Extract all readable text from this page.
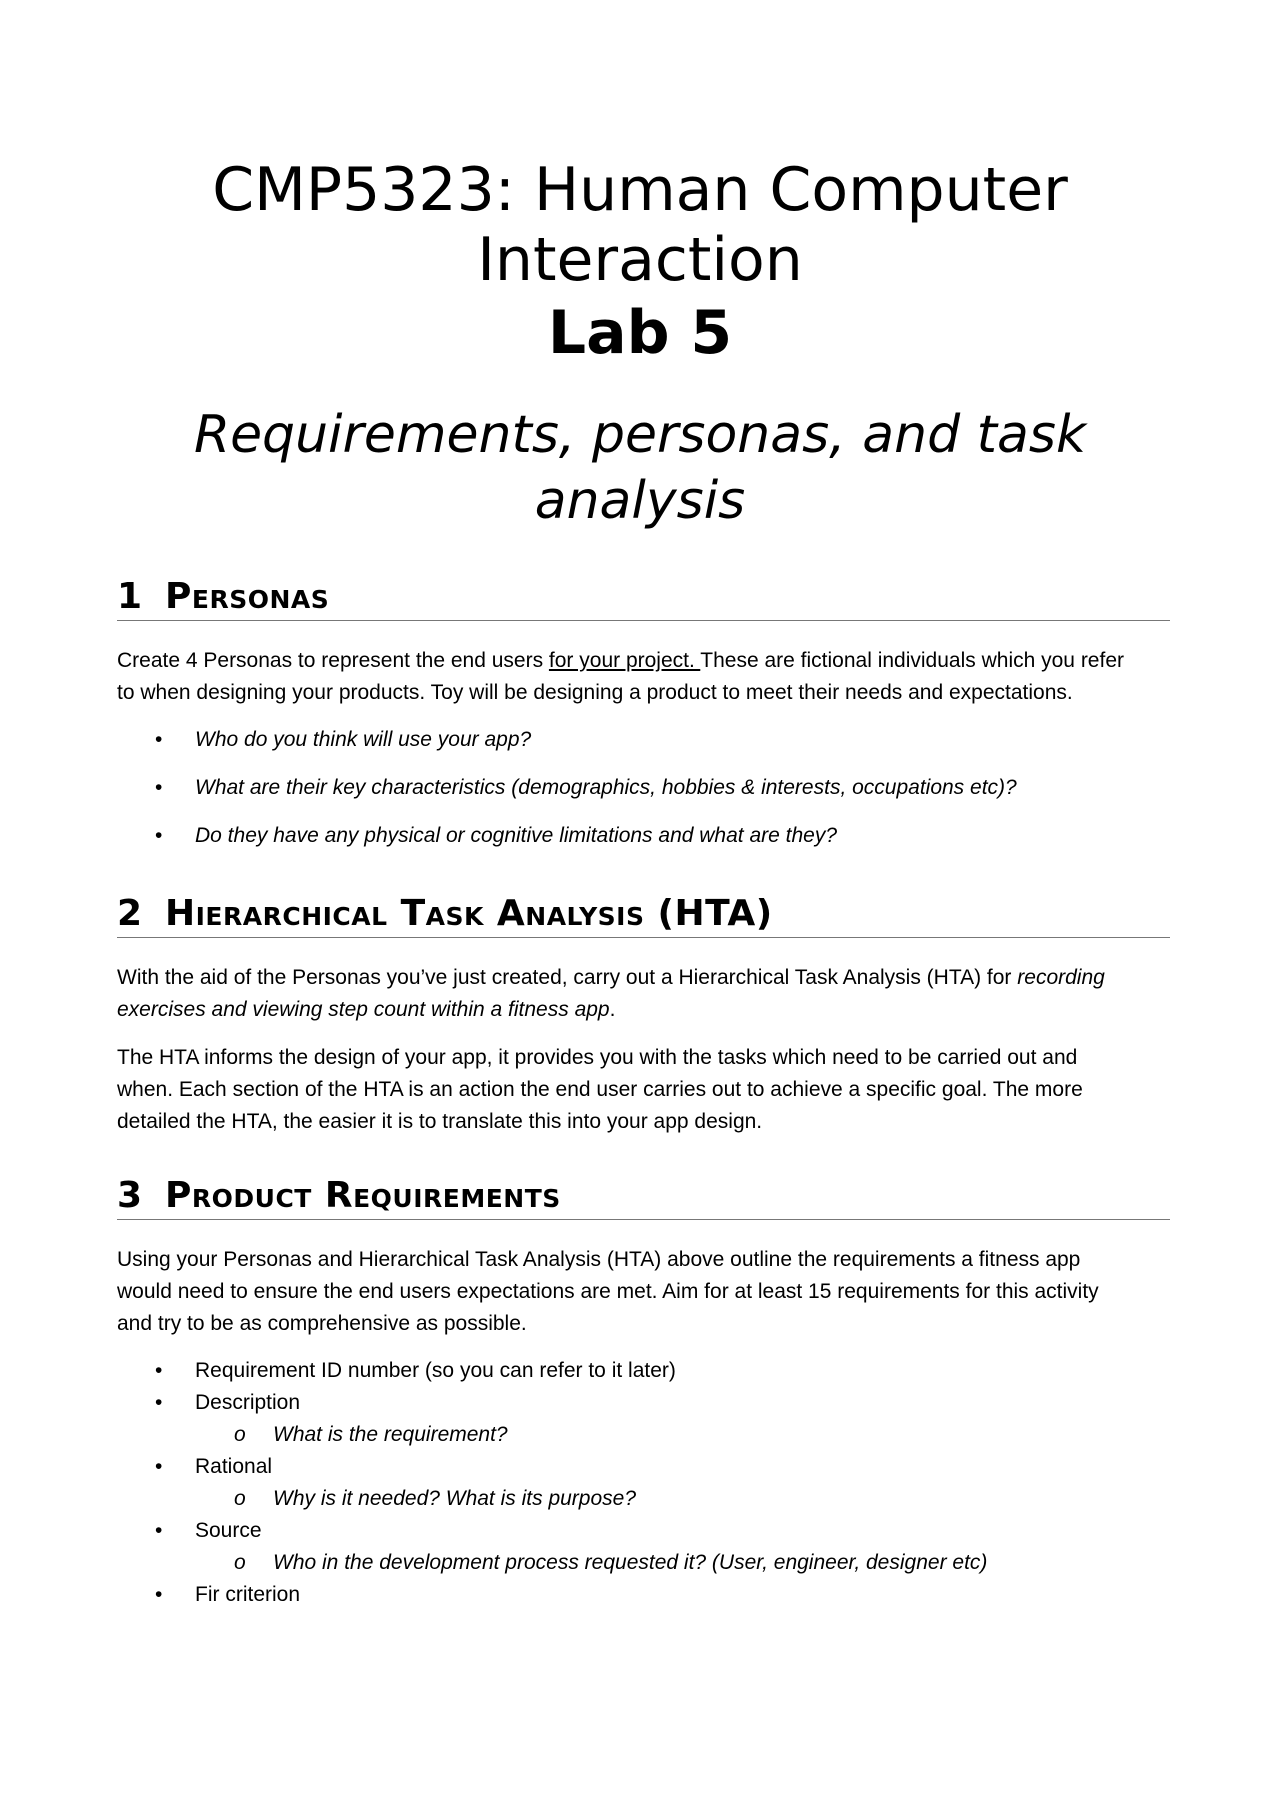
CMP5323: Human Computer
Interaction
Lab 5
Requirements, personas, and task
analysis
1 Personas
Create 4 Personas to represent the end users for your project. These are fictional individuals which you refer
to when designing your products. Toy will be designing a product to meet their needs and expectations.
• Who do you think will use your app?
• What are their key characteristics (demographics, hobbies & interests, occupations etc)?
• Do they have any physical or cognitive limitations and what are they?
2 Hierarchical Task Analysis (HTA)
With the aid of the Personas you’ve just created, carry out a Hierarchical Task Analysis (HTA) for recording
exercises and viewing step count within a fitness app.
The HTA informs the design of your app, it provides you with the tasks which need to be carried out and
when. Each section of the HTA is an action the end user carries out to achieve a specific goal. The more
detailed the HTA, the easier it is to translate this into your app design.
3 Product Requirements
Using your Personas and Hierarchical Task Analysis (HTA) above outline the requirements a fitness app
would need to ensure the end users expectations are met. Aim for at least 15 requirements for this activity
and try to be as comprehensive as possible.
• Requirement ID number (so you can refer to it later)
• Description
o What is the requirement?
• Rational
o Why is it needed? What is its purpose?
• Source
o Who in the development process requested it? (User, engineer, designer etc)
• Fir criterion
